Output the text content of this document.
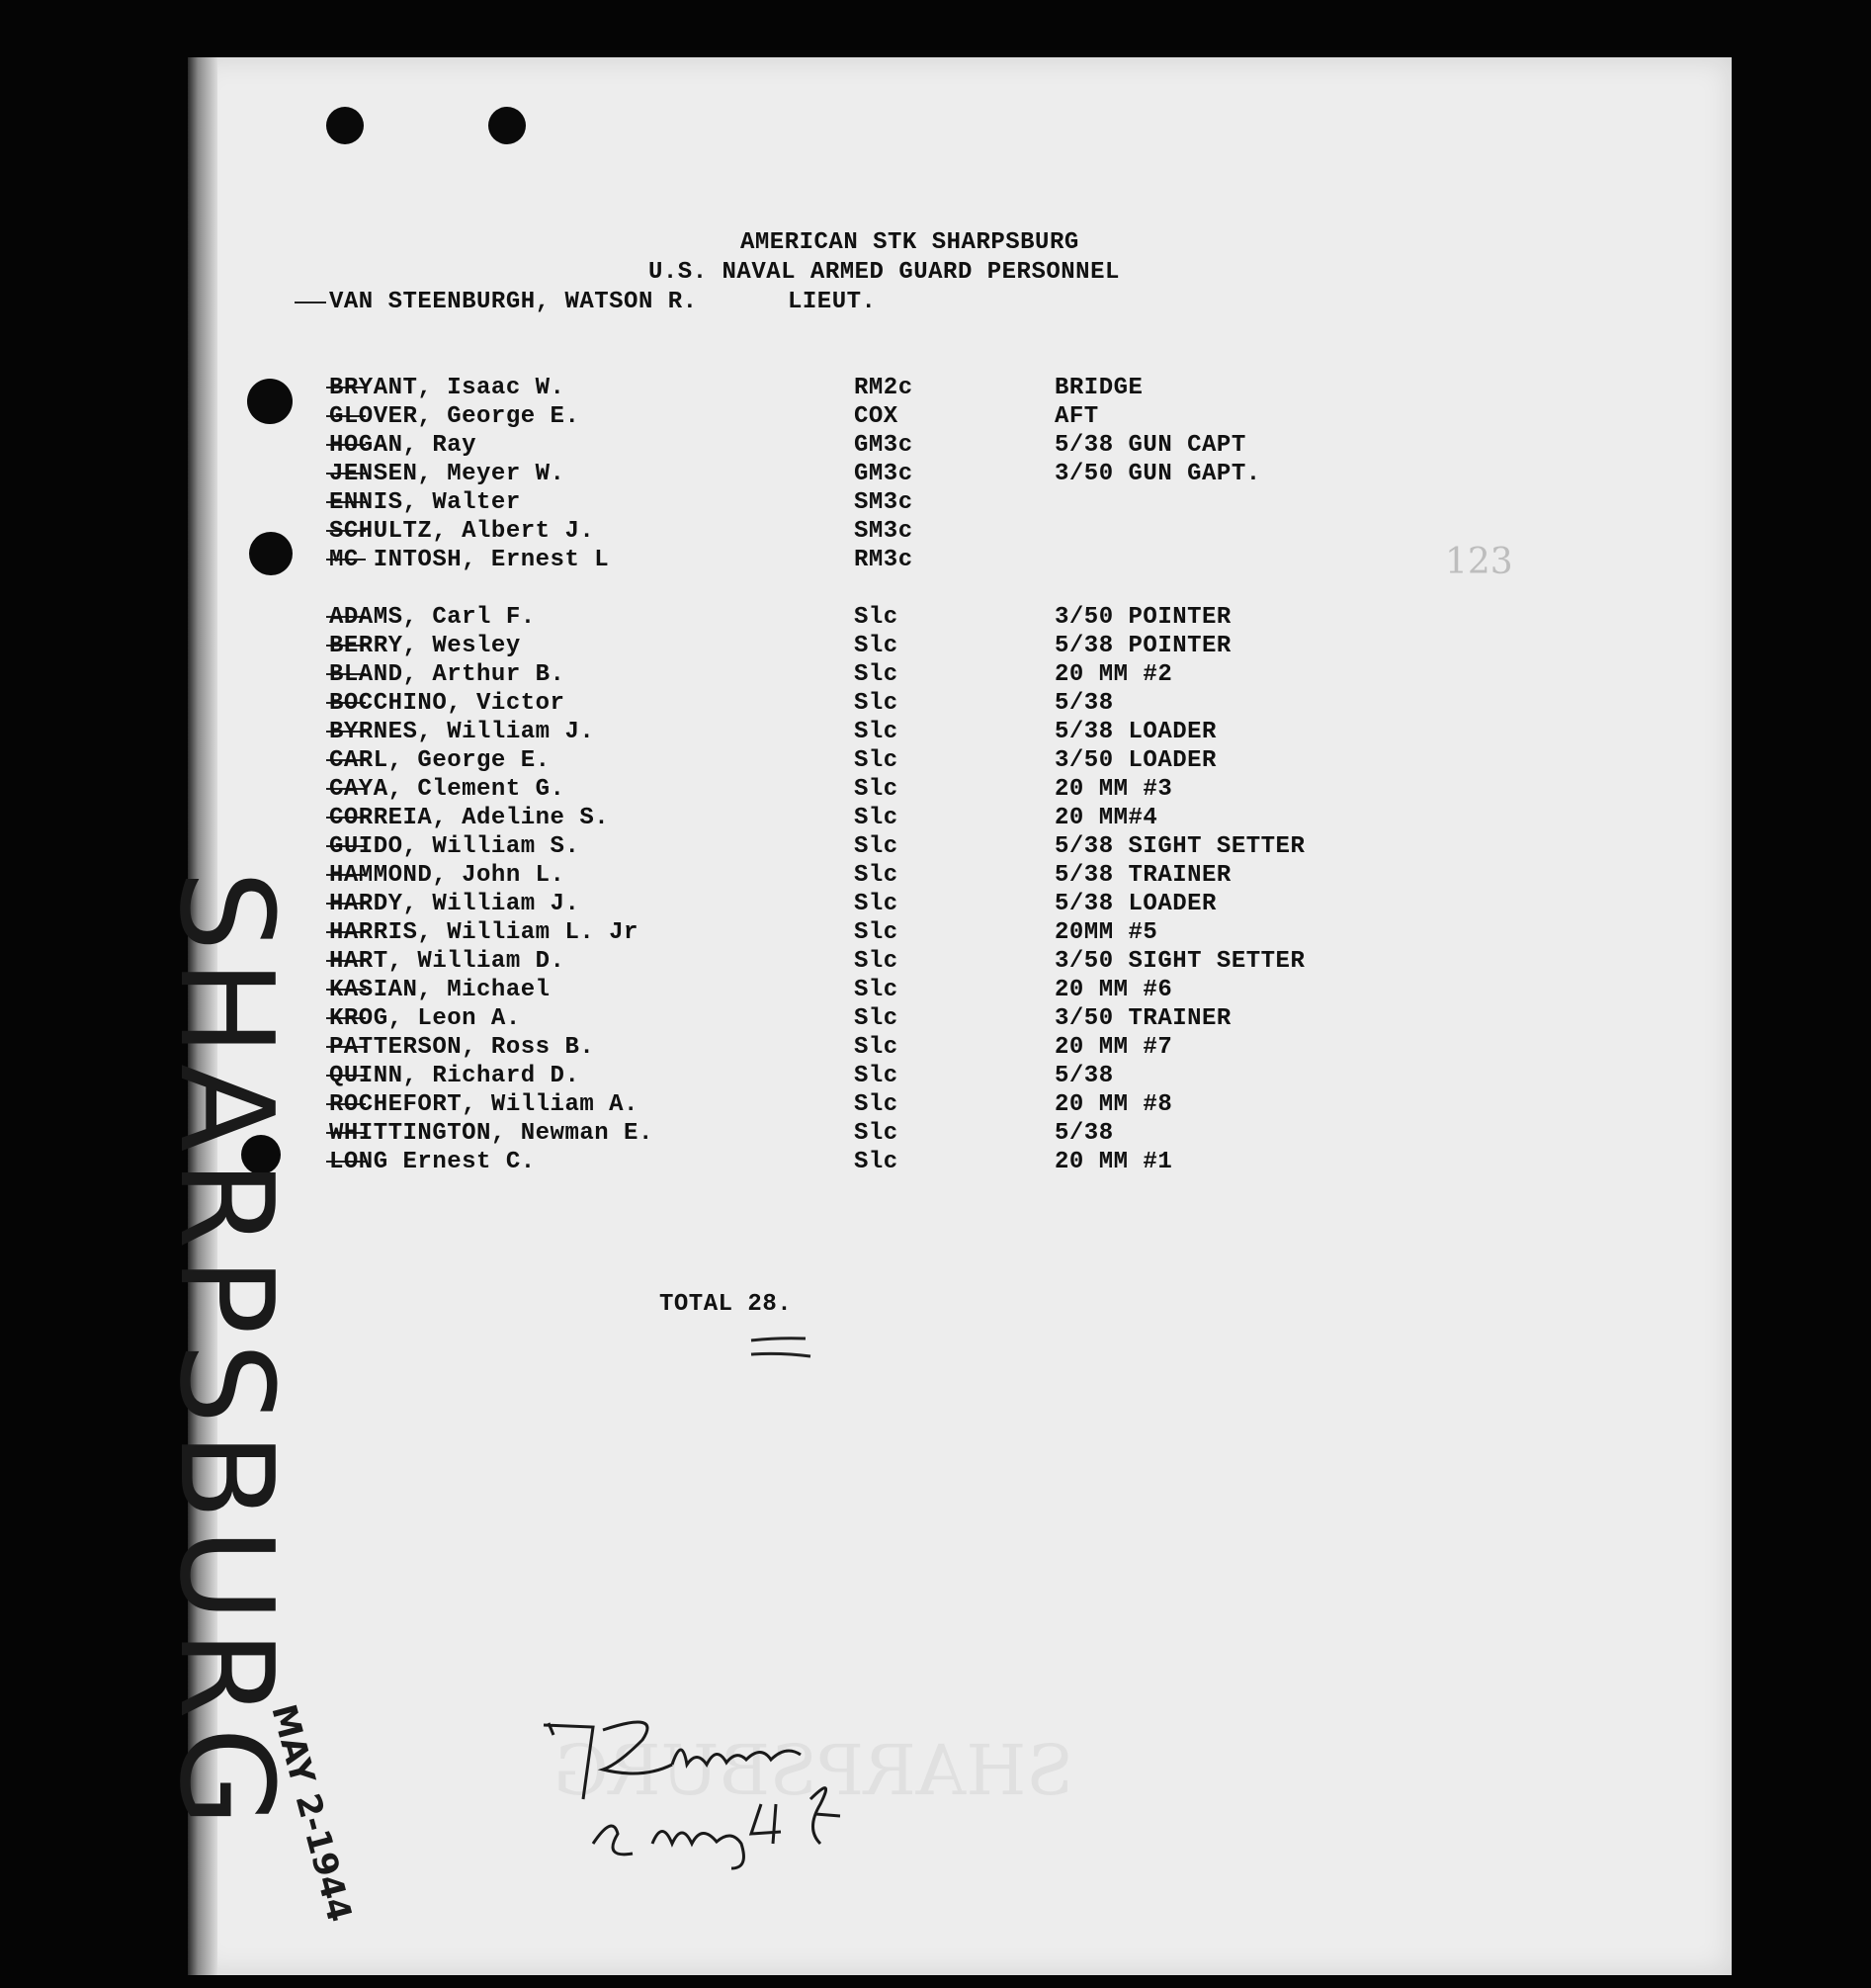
SHARPSBURG
AMERICAN STK SHARPSBURG
U.S. NAVAL ARMED GUARD PERSONNEL
VAN STEENBURGH, WATSON R.	LIEUT.
BRYANT, Isaac W.	RM2c	BRIDGE
GLOVER, George E.	COX	AFT
HOGAN, Ray	GM3c	5/38 GUN CAPT
JENSEN, Meyer W.	GM3c	3/50 GUN GAPT.
ENNIS, Walter	SM3c
SCHULTZ, Albert J.	SM3c
MC INTOSH, Ernest L	RM3c
ADAMS, Carl F.	Slc	3/50 POINTER
BERRY, Wesley	Slc	5/38 POINTER
BLAND, Arthur B.	Slc	20 MM #2
BOCCHINO, Victor	Slc	5/38
BYRNES, William J.	Slc	5/38 LOADER
CARL, George E.	Slc	3/50 LOADER
CAYA, Clement G.	Slc	20 MM #3
CORREIA, Adeline S.	Slc	20 MM#4
GUIDO, William S.	Slc	5/38 SIGHT SETTER
HAMMOND, John L.	Slc	5/38 TRAINER
HARDY, William J.	Slc	5/38 LOADER
HARRIS, William L. Jr	Slc	20MM #5
HART, William D.	Slc	3/50 SIGHT SETTER
KASIAN, Michael	Slc	20 MM #6
KROG, Leon A.	Slc	3/50 TRAINER
PATTERSON, Ross B.	Slc	20 MM #7
QUINN, Richard D.	Slc	5/38
ROCHEFORT, William A.	Slc	20 MM #8
WHITTINGTON, Newman E.	Slc	5/38
LONG Ernest C.	Slc	20 MM #1
TOTAL 28.
123
SHARPSBURG
MAY 2-1944
